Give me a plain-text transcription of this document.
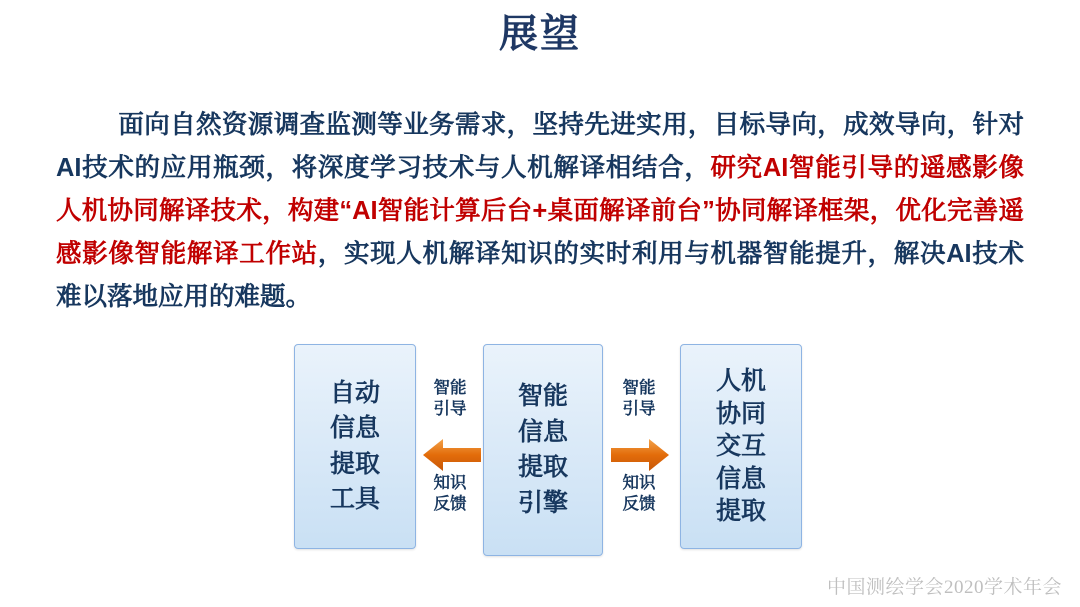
展望
面向自然资源调查监测等业务需求，坚持先进实用，目标导向，成效导向，针对AI技术的应用瓶颈，将深度学习技术与人机解译相结合，研究AI智能引导的遥感影像人机协同解译技术，构建“AI智能计算后台+桌面解译前台”协同解译框架，优化完善遥感影像智能解译工作站，实现人机解译知识的实时利用与机器智能提升，解决AI技术难以落地应用的难题。
自动
信息
提取
工具
智能
信息
提取
引擎
人机
协同
交互
信息
提取
智能引导
知识反馈
智能引导
知识反馈
中国测绘学会2020学术年会
